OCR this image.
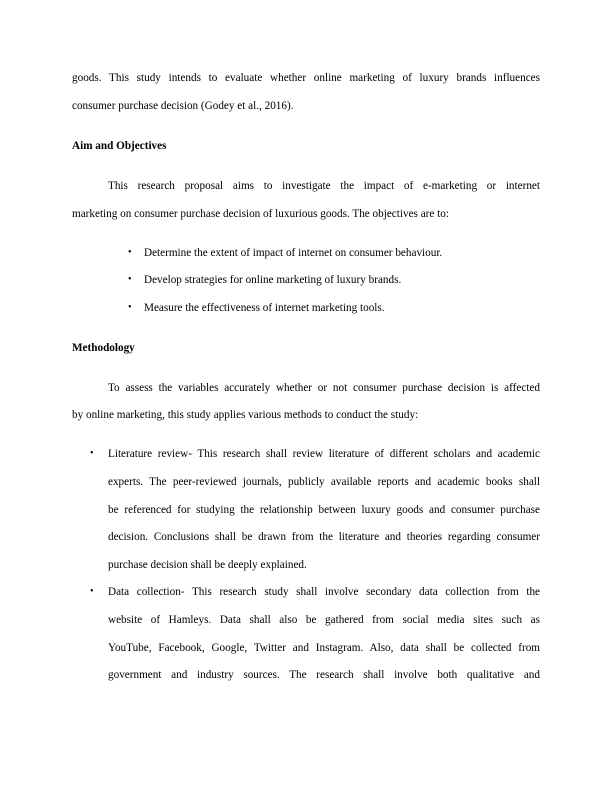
goods. This study intends to evaluate whether online marketing of luxury brands influences
consumer purchase decision (Godey et al., 2016).
Aim and Objectives
This research proposal aims to investigate the impact of e-marketing or internet
marketing on consumer purchase decision of luxurious goods. The objectives are to:
•	Determine the extent of impact of internet on consumer behaviour.
•	Develop strategies for online marketing of luxury brands.
•	Measure the effectiveness of internet marketing tools.
Methodology
To assess the variables accurately whether or not consumer purchase decision is affected
by online marketing, this study applies various methods to conduct the study:
•	Literature review- This research shall review literature of different scholars and academic
experts. The peer-reviewed journals, publicly available reports and academic books shall
be referenced for studying the relationship between luxury goods and consumer purchase
decision. Conclusions shall be drawn from the literature and theories regarding consumer
purchase decision shall be deeply explained.
•	Data collection- This research study shall involve secondary data collection from the
website of Hamleys. Data shall also be gathered from social media sites such as
YouTube, Facebook, Google, Twitter and Instagram. Also, data shall be collected from
government and industry sources. The research shall involve both qualitative and
